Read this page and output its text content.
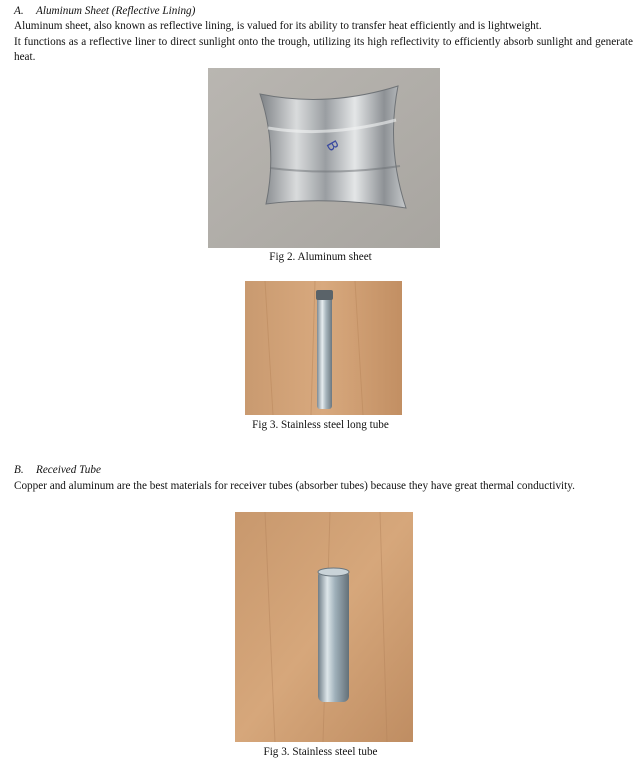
A. Aluminum Sheet (Reflective Lining)
Aluminum sheet, also known as reflective lining, is valued for its ability to transfer heat efficiently and is lightweight.
It functions as a reflective liner to direct sunlight onto the trough, utilizing its high reflectivity to efficiently absorb sunlight and generate heat.
B
Fig 2. Aluminum sheet
Fig 3. Stainless steel long tube
B. Received Tube
Copper and aluminum are the best materials for receiver tubes (absorber tubes) because they have great thermal conductivity.
Fig 3. Stainless steel tube
